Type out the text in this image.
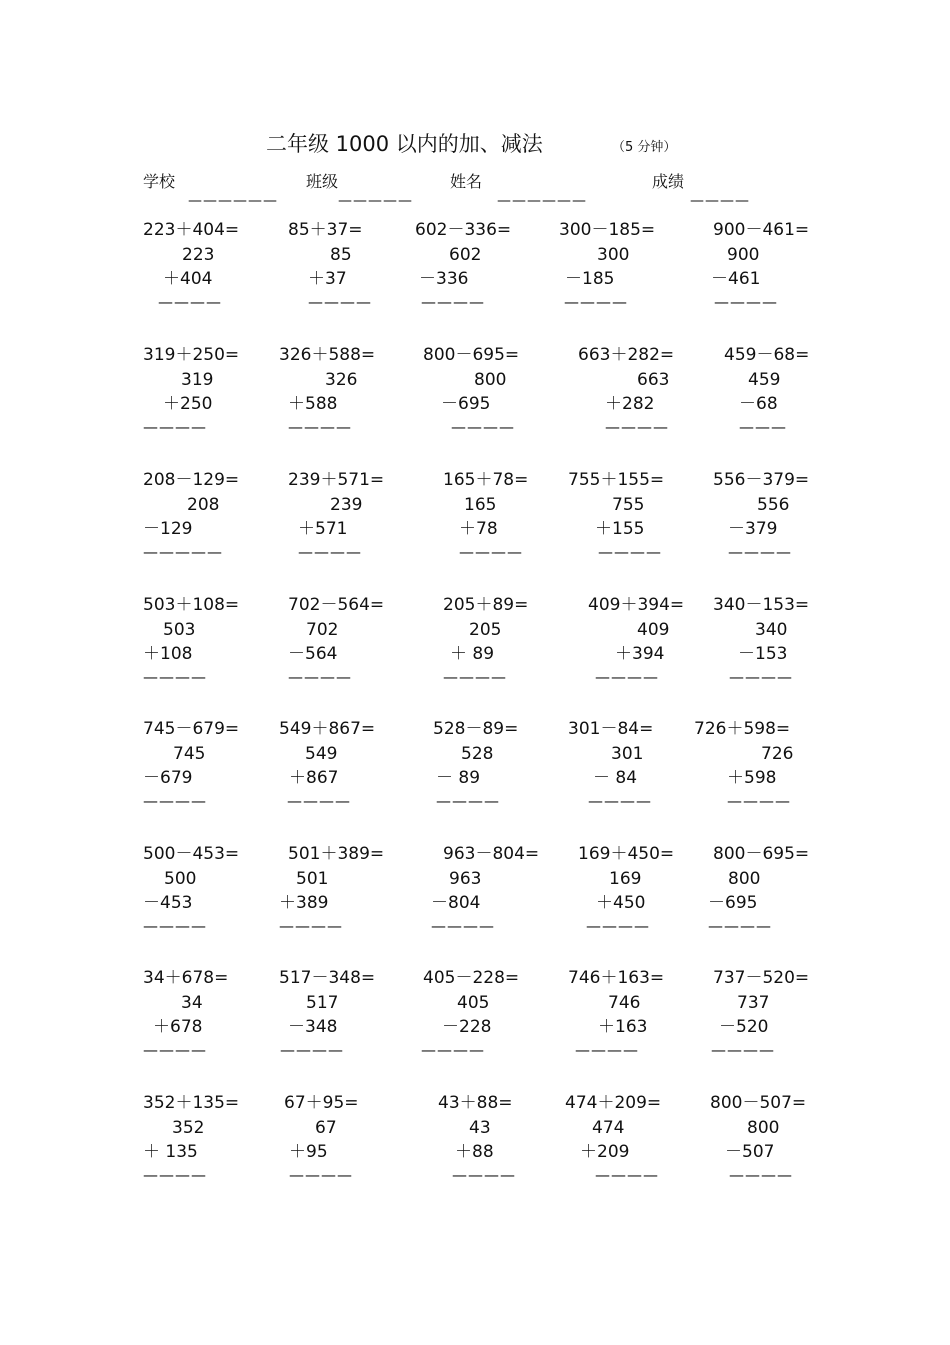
二年级 1000 以内的加、减法	（5 分钟）
学校	班级	姓名	成绩
——————	—————	——————	————
223＋404=
223
＋404
————
85＋37=
85
＋37
————
602－336=
602
－336
————
300－185=
300
－185
————
900－461=
900
－461
————
319＋250=
319
＋250
————
326＋588=
326
＋588
————
800－695=
800
－695
————
663＋282=
663
＋282
————
459－68=
459
－68
———
208－129=
208
－129
—————
239＋571=
239
＋571
————
165＋78=
165
＋78
————
755＋155=
755
＋155
————
556－379=
556
－379
————
503＋108=
503
＋108
————
702－564=
702
－564
————
205＋89=
205
＋ 89
————
409＋394=
409
＋394
————
340－153=
340
－153
————
745－679=
745
－679
————
549＋867=
549
＋867
————
528－89=
528
－ 89
————
301－84=
301
－ 84
————
726＋598=
726
＋598
————
500－453=
500
－453
————
501＋389=
501
＋389
————
963－804=
963
－804
————
169＋450=
169
＋450
————
800－695=
800
－695
————
34＋678=
34
＋678
————
517－348=
517
－348
————
405－228=
405
－228
————
746＋163=
746
＋163
————
737－520=
737
－520
————
352＋135=
352
＋ 135
————
67＋95=
67
＋95
————
43＋88=
43
＋88
————
474＋209=
474
＋209
————
800－507=
800
－507
————
